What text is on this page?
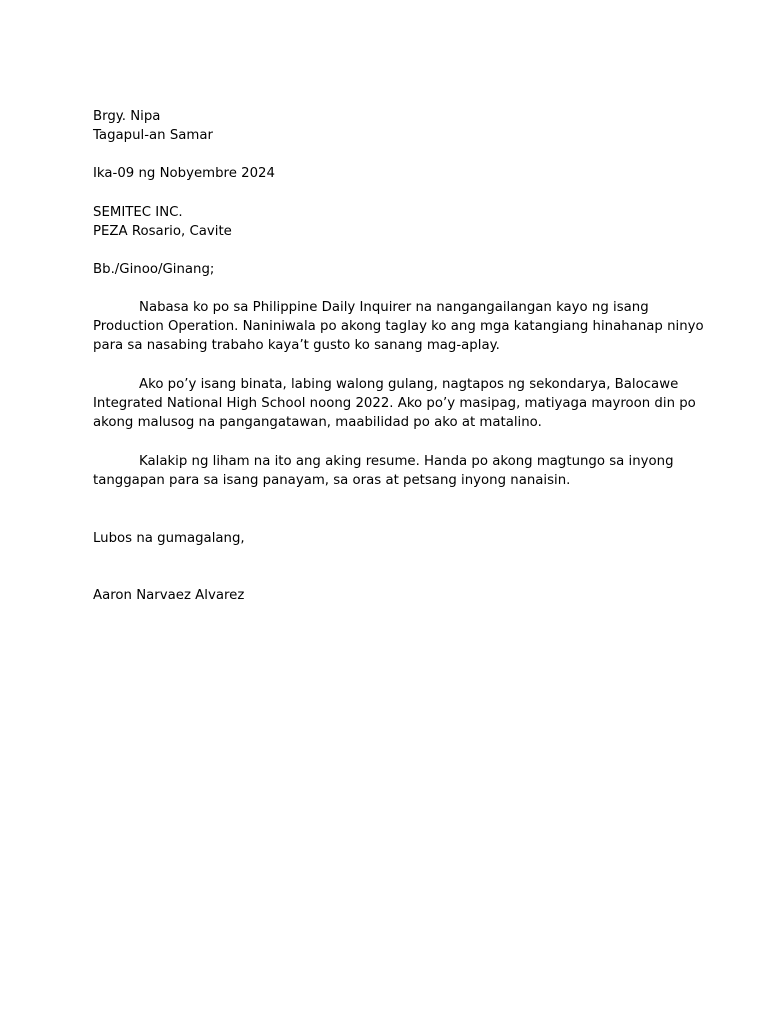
Brgy. Nipa
Tagapul-an Samar
Ika-09 ng Nobyembre 2024
SEMITEC INC.
PEZA Rosario, Cavite
Bb./Ginoo/Ginang;
Nabasa ko po sa Philippine Daily Inquirer na nangangailangan kayo ng isang
Production Operation. Naniniwala po akong taglay ko ang mga katangiang hinahanap ninyo
para sa nasabing trabaho kaya’t gusto ko sanang mag-aplay.
Ako po’y isang binata, labing walong gulang, nagtapos ng sekondarya, Balocawe
Integrated National High School noong 2022. Ako po’y masipag, matiyaga mayroon din po
akong malusog na pangangatawan, maabilidad po ako at matalino.
Kalakip ng liham na ito ang aking resume. Handa po akong magtungo sa inyong
tanggapan para sa isang panayam, sa oras at petsang inyong nanaisin.
Lubos na gumagalang,
Aaron Narvaez Alvarez
